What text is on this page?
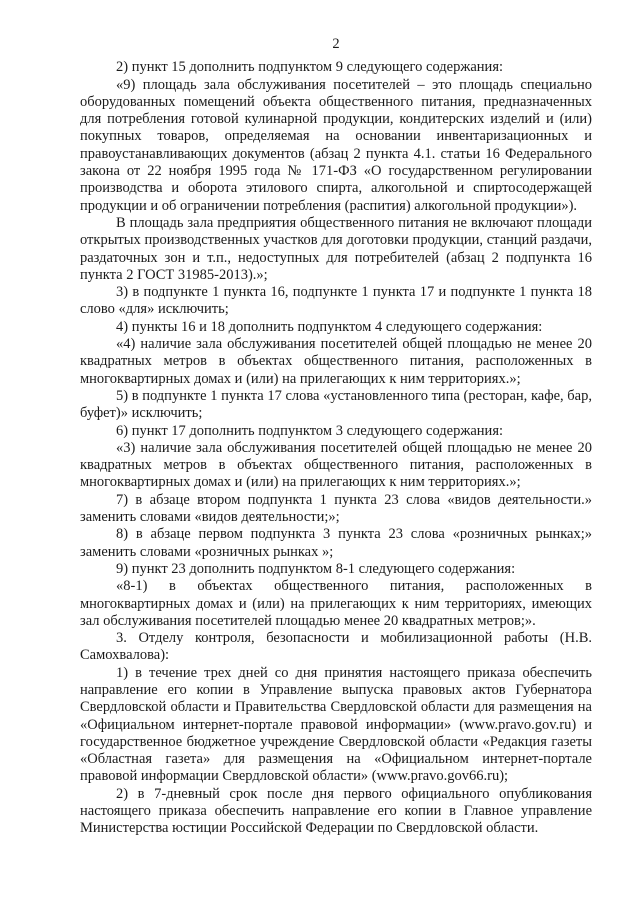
2

2) пункт 15 дополнить подпунктом 9 следующего содержания:

«9) площадь зала обслуживания посетителей – это площадь специально оборудованных помещений объекта общественного питания, предназначенных для потребления готовой кулинарной продукции, кондитерских изделий и (или) покупных товаров, определяемая на основании инвентаризационных и правоустанавливающих документов (абзац 2 пункта 4.1. статьи 16 Федерального закона от 22 ноября 1995 года № 171-ФЗ «О государственном регулировании производства и оборота этилового спирта, алкогольной и спиртосодержащей продукции и об ограничении потребления (распития) алкогольной продукции»).

В площадь зала предприятия общественного питания не включают площади открытых производственных участков для доготовки продукции, станций раздачи, раздаточных зон и т.п., недоступных для потребителей (абзац 2 подпункта 16 пункта 2 ГОСТ 31985-2013).»;

3) в подпункте 1 пункта 16, подпункте 1 пункта 17 и подпункте 1 пункта 18 слово «для» исключить;

4) пункты 16 и 18 дополнить подпунктом 4 следующего содержания:

«4) наличие зала обслуживания посетителей общей площадью не менее 20 квадратных метров в объектах общественного питания, расположенных в многоквартирных домах и (или) на прилегающих к ним территориях.»;

5) в подпункте 1 пункта 17 слова «установленного типа (ресторан, кафе, бар, буфет)» исключить;

6) пункт 17 дополнить подпунктом 3 следующего содержания:

«3) наличие зала обслуживания посетителей общей площадью не менее 20 квадратных метров в объектах общественного питания, расположенных в многоквартирных домах и (или) на прилегающих к ним территориях.»;

7) в абзаце втором подпункта 1 пункта 23 слова «видов деятельности.» заменить словами «видов деятельности;»;

8) в абзаце первом подпункта 3 пункта 23 слова «розничных рынках;» заменить словами «розничных рынках »;

9) пункт 23 дополнить подпунктом 8-1 следующего содержания:

«8-1) в объектах общественного питания, расположенных в многоквартирных домах и (или) на прилегающих к ним территориях, имеющих зал обслуживания посетителей площадью менее 20 квадратных метров;».

3. Отделу контроля, безопасности и мобилизационной работы (Н.В. Самохвалова):

1) в течение трех дней со дня принятия настоящего приказа обеспечить направление его копии в Управление выпуска правовых актов Губернатора Свердловской области и Правительства Свердловской области для размещения на «Официальном интернет-портале правовой информации» (www.pravo.gov.ru) и государственное бюджетное учреждение Свердловской области «Редакция газеты «Областная газета» для размещения на «Официальном интернет-портале правовой информации Свердловской области» (www.pravo.gov66.ru);

2) в 7-дневный срок после дня первого официального опубликования настоящего приказа обеспечить направление его копии в Главное управление Министерства юстиции Российской Федерации по Свердловской области.
